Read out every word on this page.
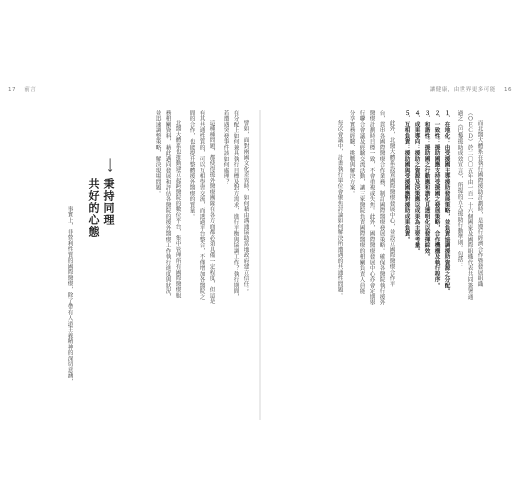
17 前言	讓健康，由世界更多可能 16
而北醫大體系在執行國際援助計劃時，是遵行經濟合作暨發展組織
（ＯＥＣＤ）於二〇〇五年由一百一十六個國家及國際組織代表共同簽署通
過之《巴黎援助成效宣言》，所提的五大援助行動準則。包括：
１．在地化：由受援國主導援助發展策略，並負責協調援助資源之分配。
２．一致性：援助國應支持受援國之發展策略，合作機構及執行程序。
３．和諧性：援助國之行動應和諧化且透明化以發揮綜效。
４．成果導向：援助之資源及決策應以成果為主要考量。
５．互相負責：援助國與受援國應對援助成果負責。
此外，北醫大體系設置國際醫療發展中心，並設立國際醫療合作平
台，貫串各國際醫療合作業務，制訂國際醫療發展策略。確保各醫院執行援外
醫療計劃時目標一致，不會重複或失焦。此外，國際醫療發展中心亦會定期舉
行聯合會議及經驗交流活動，讓三家醫院負責國際醫療的相關負責人員能
分享實務經驗、挑戰與解決方案。
每次會議中，計畫執行單位會聚焦討論如何解決所遭遇的共通性問題。
譬如，面對兩國文化差異時，如何藉由溝通協助當地政府建立信任；
在分配上如何兼具執行目標及對方需求，進行平衡與協調工作？執行期間，
若遭遇突發事件該如何處理？
這種種問題，都使得援外醫療團隊在各方面都必須具備一定程度，但這是
有其共通性質的，可以互相學習交流，而透過平台整合，不僅增加各醫院之
間的合作，也能提升整體援外醫療的質量。
北醫大體系也推動建立起跨醫院的數位平台，集中管理所有國際醫療服
務相關資料，藉此邁向發展和評估各醫院的援外醫療工作執行進度與狀況，
並迅速調整策略，解決現場問題。
⟶
秉持同理
共好的心態
事實上，非營利性質的國際醫療，除了帶有人道主義精神的深切意涵，
